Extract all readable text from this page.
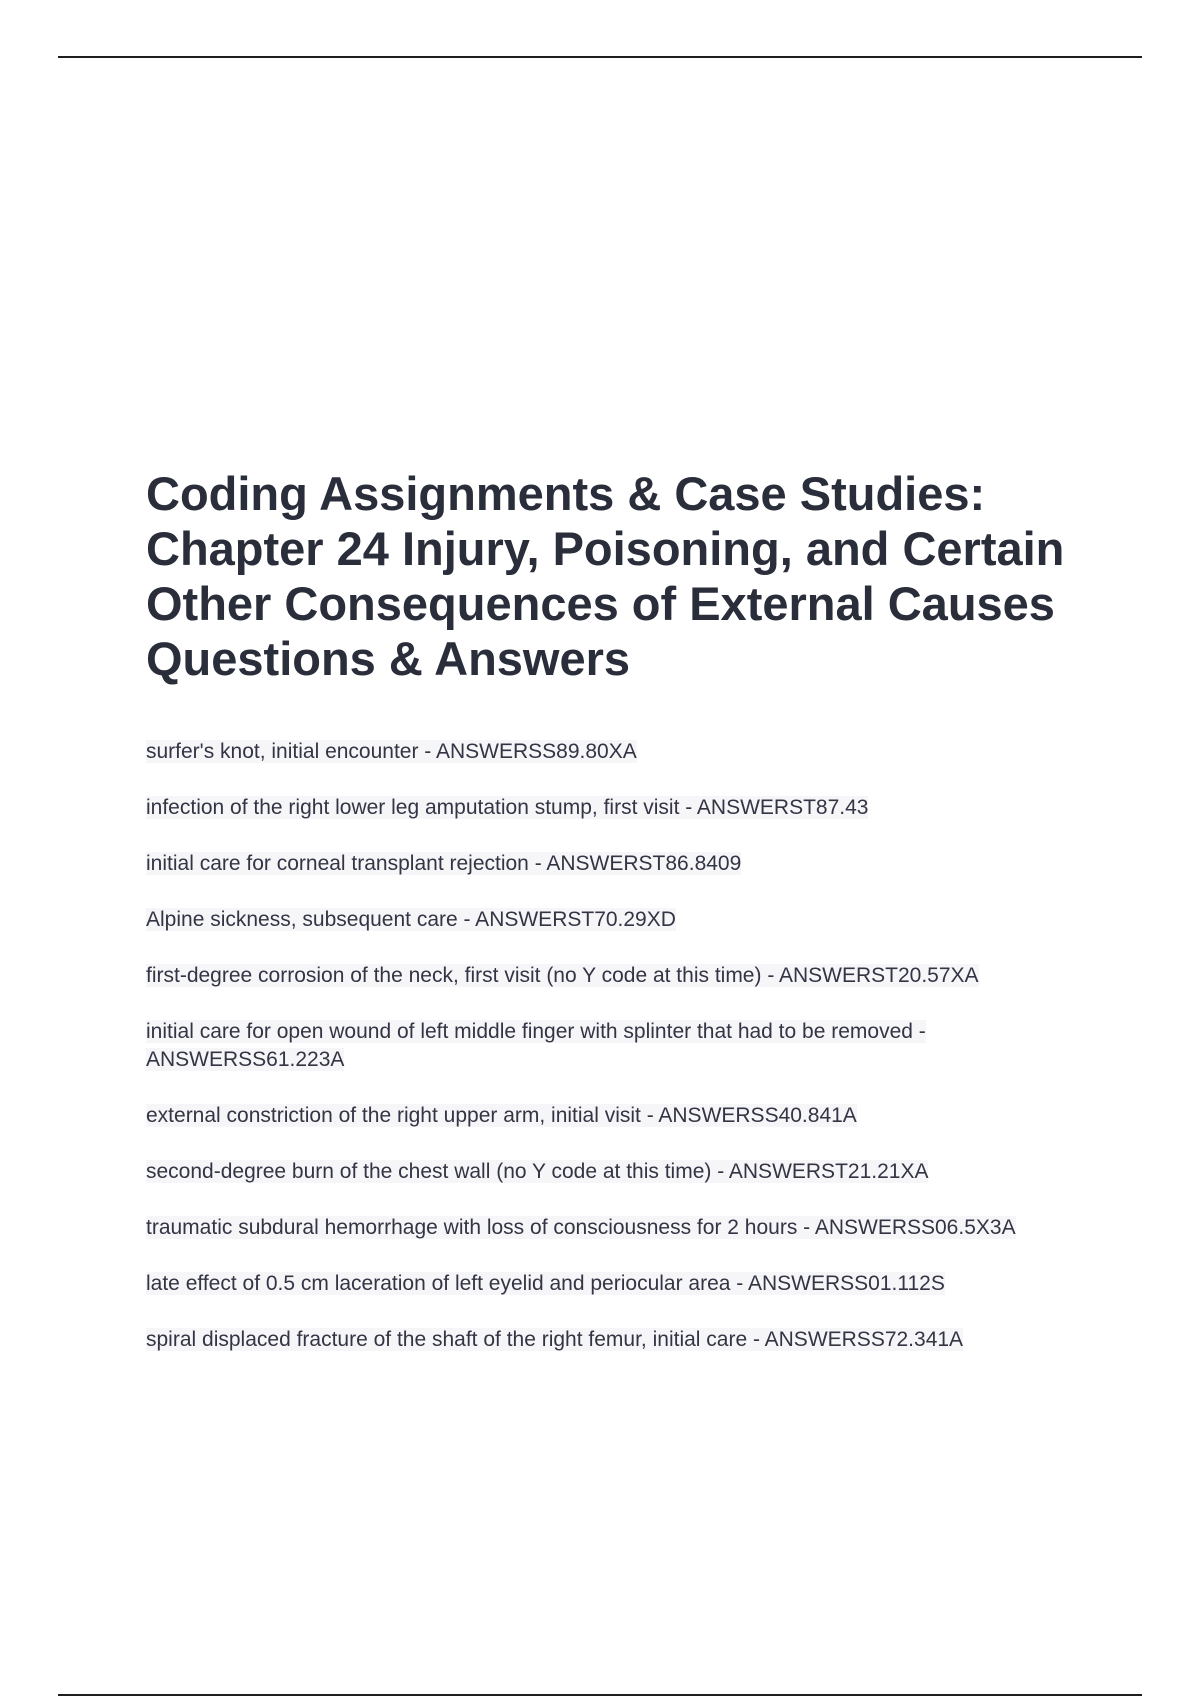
Coding Assignments & Case Studies: Chapter 24 Injury, Poisoning, and Certain Other Consequences of External Causes Questions & Answers
surfer's knot, initial encounter - ANSWERSS89.80XA
infection of the right lower leg amputation stump, first visit - ANSWERST87.43
initial care for corneal transplant rejection - ANSWERST86.8409
Alpine sickness, subsequent care - ANSWERST70.29XD
first-degree corrosion of the neck, first visit (no Y code at this time) - ANSWERST20.57XA
initial care for open wound of left middle finger with splinter that had to be removed - ANSWERSS61.223A
external constriction of the right upper arm, initial visit - ANSWERSS40.841A
second-degree burn of the chest wall (no Y code at this time) - ANSWERST21.21XA
traumatic subdural hemorrhage with loss of consciousness for 2 hours - ANSWERSS06.5X3A
late effect of 0.5 cm laceration of left eyelid and periocular area - ANSWERSS01.112S
spiral displaced fracture of the shaft of the right femur, initial care - ANSWERSS72.341A
